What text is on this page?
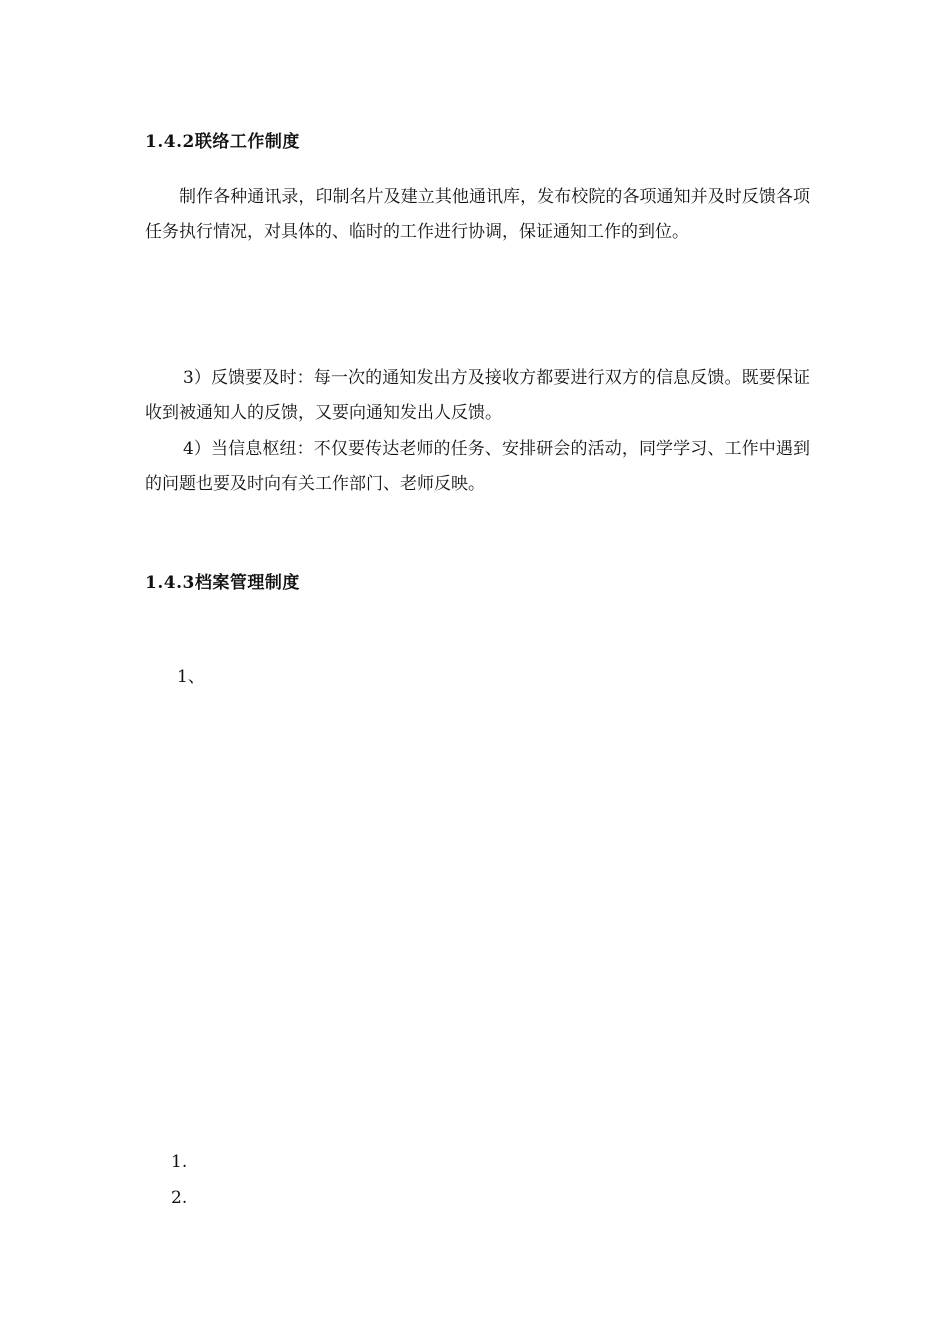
1.4.2联络工作制度

制作各种通讯录，印制名片及建立其他通讯库，发布校院的各项通知并及时反馈各项任务执行情况，对具体的、临时的工作进行协调，保证通知工作的到位。

3）反馈要及时：每一次的通知发出方及接收方都要进行双方的信息反馈。既要保证收到被通知人的反馈，又要向通知发出人反馈。

4）当信息枢纽：不仅要传达老师的任务、安排研会的活动，同学学习、工作中遇到的问题也要及时向有关工作部门、老师反映。

1.4.3档案管理制度
1、
1.
2.
